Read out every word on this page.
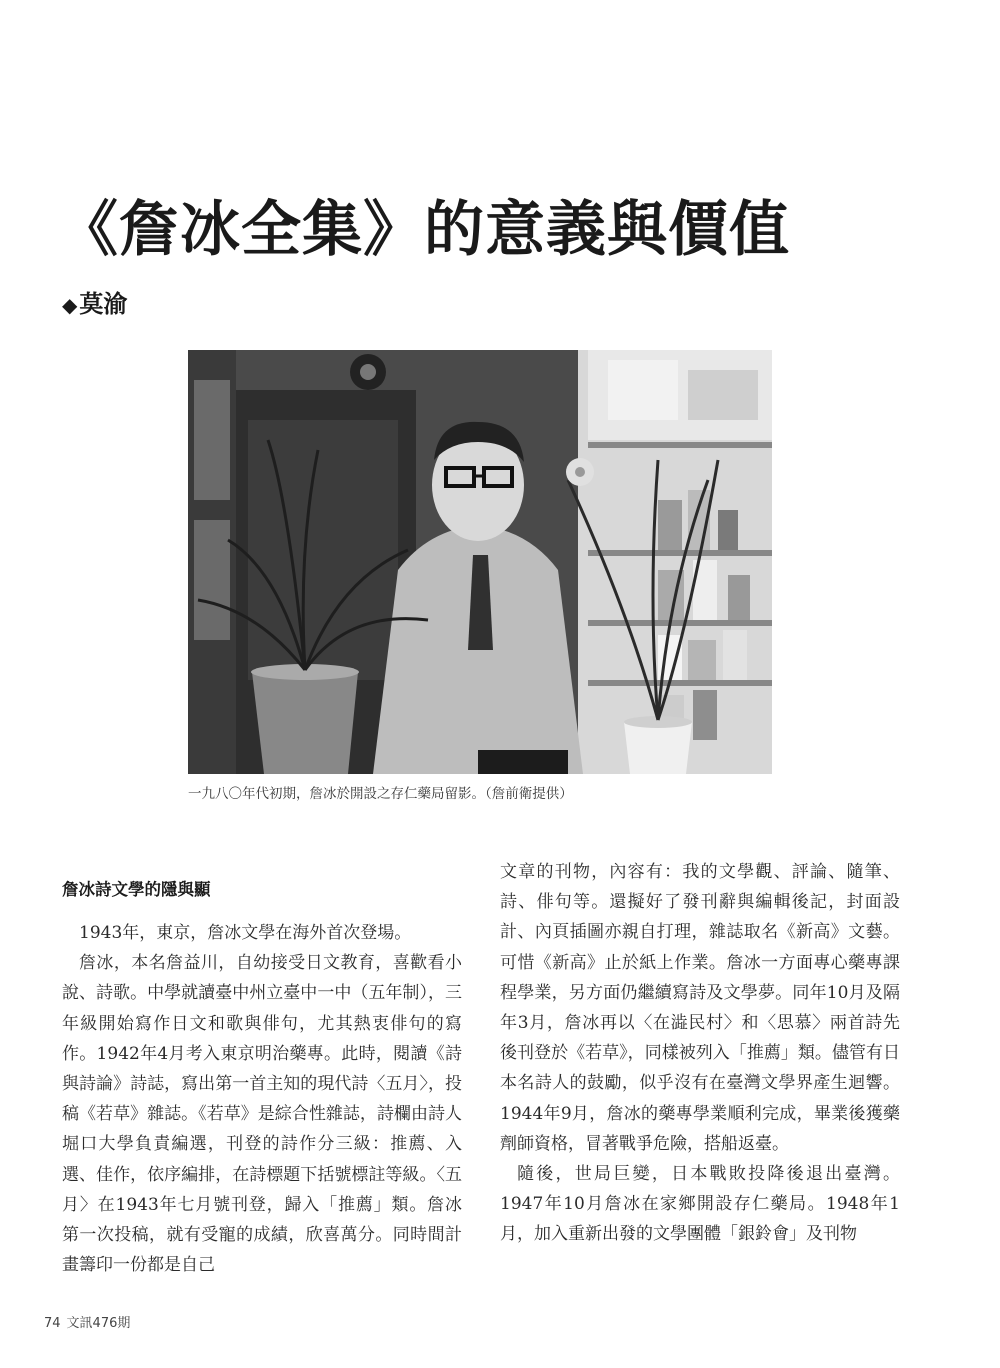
《詹冰全集》的意義與價值
◆莫渝
一九八〇年代初期，詹冰於開設之存仁藥局留影。（詹前衛提供）
詹冰詩文學的隱與顯

1943年，東京，詹冰文學在海外首次登場。

詹冰，本名詹益川，自幼接受日文教育，喜歡看小說、詩歌。中學就讀臺中州立臺中一中（五年制），三年級開始寫作日文和歌與俳句，尤其熱衷俳句的寫作。1942年4月考入東京明治藥專。此時，閱讀《詩與詩論》詩誌，寫出第一首主知的現代詩〈五月〉，投稿《若草》雜誌。《若草》是綜合性雜誌，詩欄由詩人堀口大學負責編選，刊登的詩作分三級：推薦、入選、佳作，依序編排，在詩標題下括號標註等級。〈五月〉在1943年七月號刊登，歸入「推薦」類。詹冰第一次投稿，就有受寵的成績，欣喜萬分。同時間計畫籌印一份都是自己

文章的刊物，內容有：我的文學觀、評論、隨筆、詩、俳句等。還擬好了發刊辭與編輯後記，封面設計、內頁插圖亦親自打理，雜誌取名《新高》文藝。可惜《新高》止於紙上作業。詹冰一方面專心藥專課程學業，另方面仍繼續寫詩及文學夢。同年10月及隔年3月，詹冰再以〈在澁民村〉和〈思慕〉兩首詩先後刊登於《若草》，同樣被列入「推薦」類。儘管有日本名詩人的鼓勵，似乎沒有在臺灣文學界產生迴響。1944年9月，詹冰的藥專學業順利完成，畢業後獲藥劑師資格，冒著戰爭危險，搭船返臺。

隨後，世局巨變，日本戰敗投降後退出臺灣。1947年10月詹冰在家鄉開設存仁藥局。1948年1月，加入重新出發的文學團體「銀鈴會」及刊物

74 文訊476期
